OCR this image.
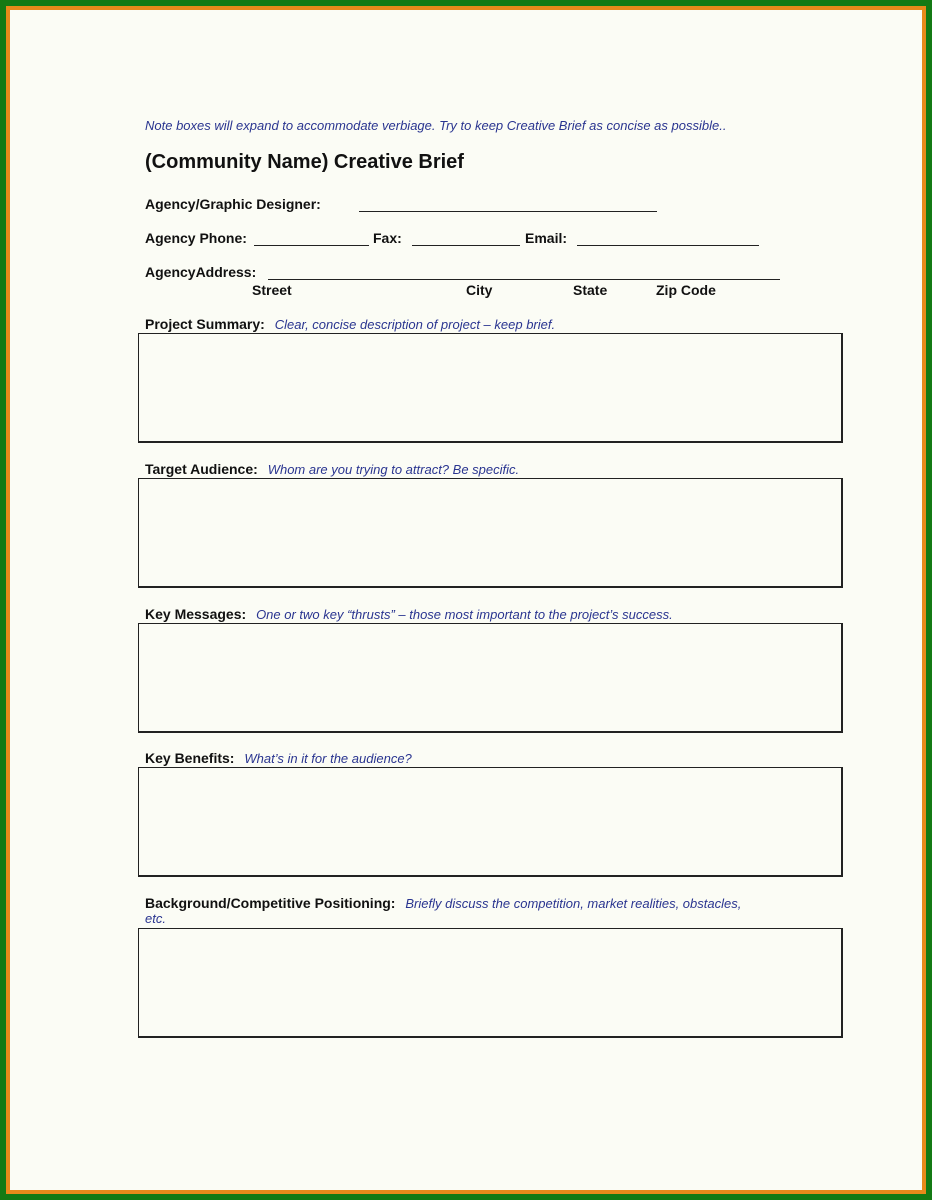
Note boxes will expand to accommodate verbiage. Try to keep Creative Brief as concise as possible..
(Community Name) Creative Brief
Agency/Graphic Designer:
Agency Phone:	Fax:	Email:
AgencyAddress:
Street	City	State	Zip Code
Project Summary: Clear, concise description of project – keep brief.
Target Audience: Whom are you trying to attract? Be specific.
Key Messages: One or two key “thrusts” – those most important to the project’s success.
Key Benefits: What’s in it for the audience?
Background/Competitive Positioning: Briefly discuss the competition, market realities, obstacles,
etc.
